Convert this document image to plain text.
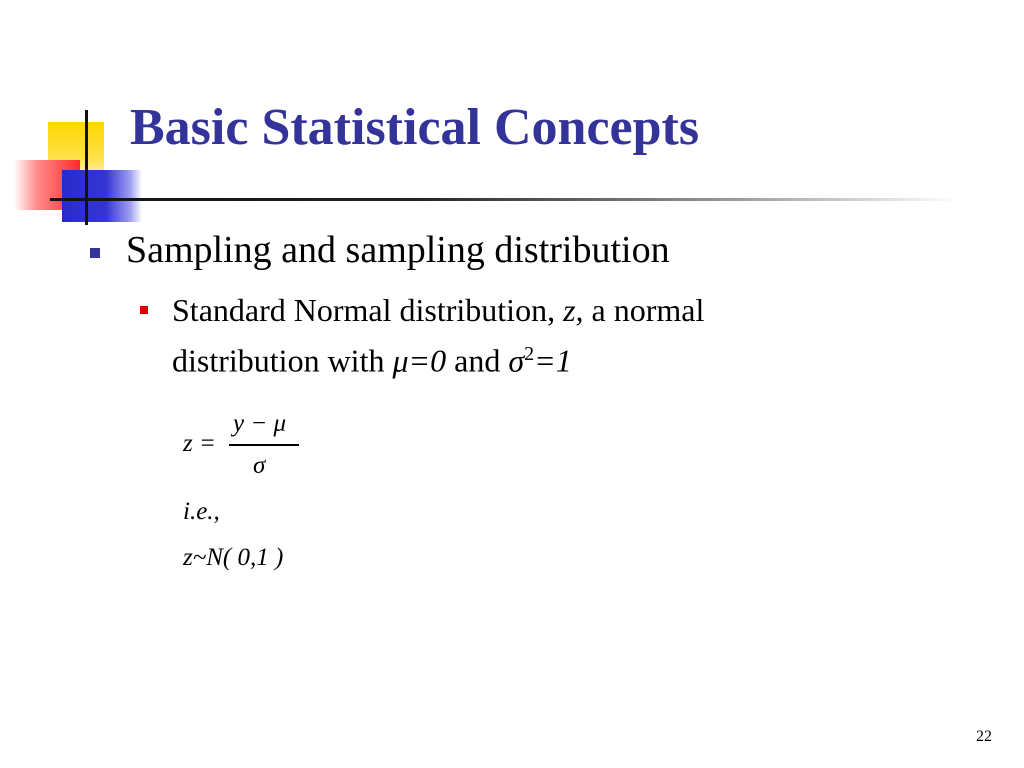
Basic Statistical Concepts
Sampling and sampling distribution
Standard Normal distribution, z, a normal
distribution with μ=0 and $\sigma^2=1$
z =
y − μ
σ
i.e.,
z~N( 0,1 )
22
